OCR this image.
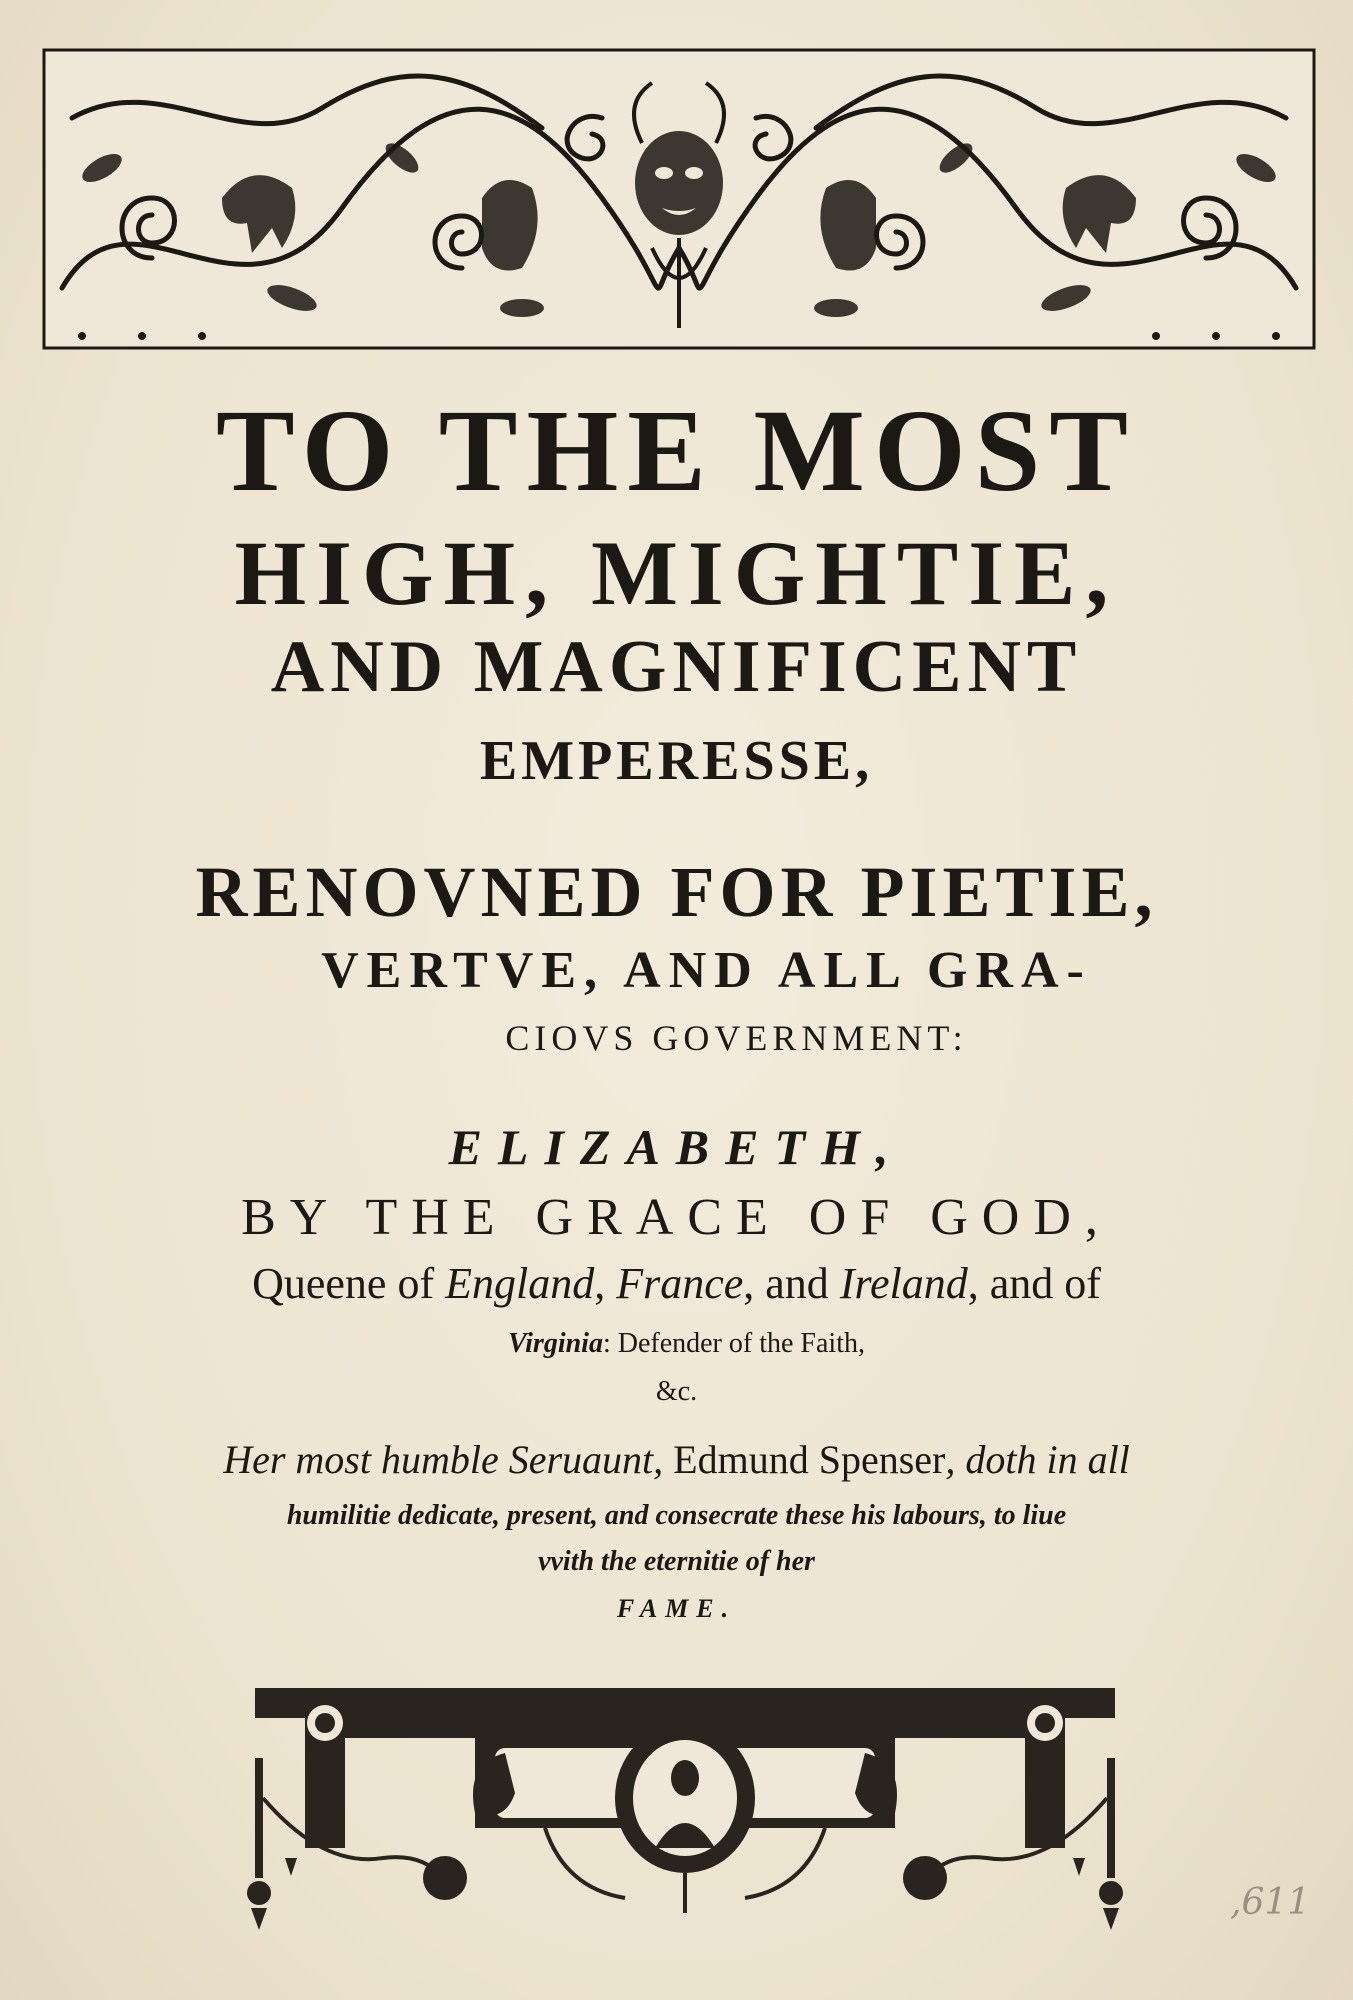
TO THE MOST
HIGH, MIGHTIE,
AND MAGNIFICENT
EMPERESSE,
RENOVNED FOR PIETIE,
VERTVE, AND ALL GRA-
CIOVS GOVERNMENT:
ELIZABETH,
BY THE GRACE OF GOD,
Queene of England, France, and Ireland, and of
Virginia: Defender of the Faith,
&c.
Her most humble Seruaunt, Edmund Spenser, doth in all
humilitie dedicate, present, and consecrate these his labours, to liue
vvith the eternitie of her
FAME.
,611
